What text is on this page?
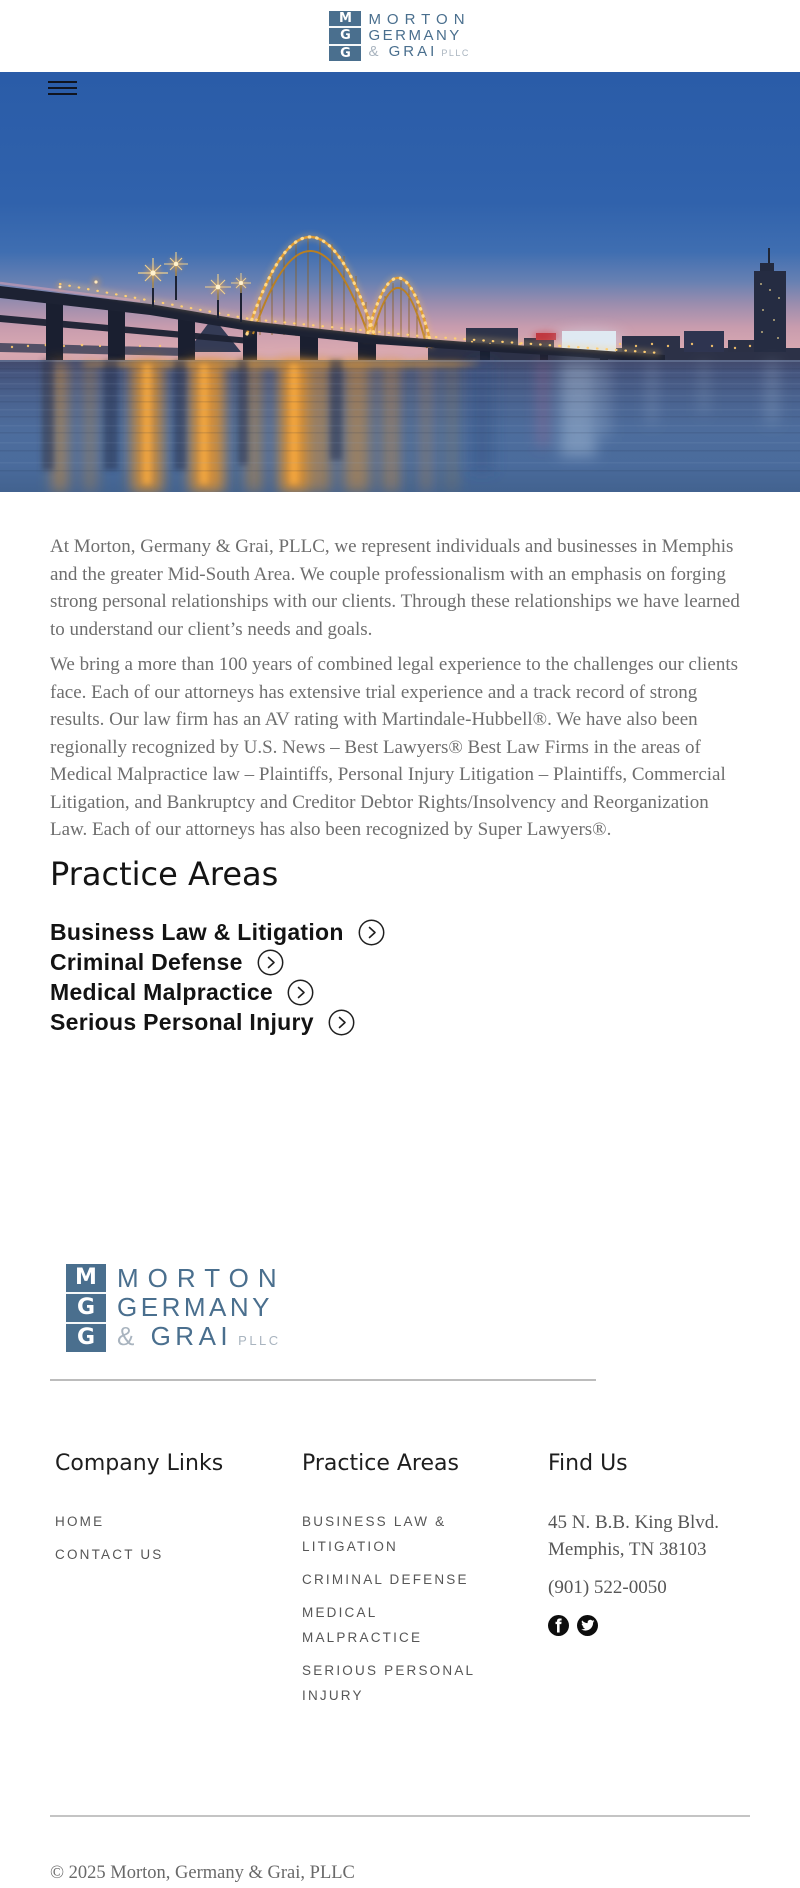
M
G
G
MORTON
GERMANY
& GRAI PLLC

At Morton, Germany & Grai, PLLC, we represent individuals and businesses in Memphis and the greater Mid-South Area. We couple professionalism with an emphasis on forging strong personal relationships with our clients. Through these relationships we have learned to understand our client’s needs and goals.

We bring a more than 100 years of combined legal experience to the challenges our clients face. Each of our attorneys has extensive trial experience and a track record of strong results. Our law firm has an AV rating with Martindale-Hubbell®. We have also been regionally recognized by U.S. News – Best Lawyers® Best Law Firms in the areas of Medical Malpractice law – Plaintiffs, Personal Injury Litigation – Plaintiffs, Commercial Litigation, and Bankruptcy and Creditor Debtor Rights/Insolvency and Reorganization Law. Each of our attorneys has also been recognized by Super Lawyers®.

Practice Areas
Business Law & Litigation
Criminal Defense
Medical Malpractice
Serious Personal Injury
M
G
G
MORTON
GERMANY
& GRAI PLLC
Company Links
HOME
CONTACT US
Practice Areas
BUSINESS LAW & LITIGATION
CRIMINAL DEFENSE
MEDICAL MALPRACTICE
SERIOUS PERSONAL INJURY
Find Us
45 N. B.B. King Blvd.
Memphis, TN 38103
(901) 522-0050
© 2025 Morton, Germany & Grai, PLLC
